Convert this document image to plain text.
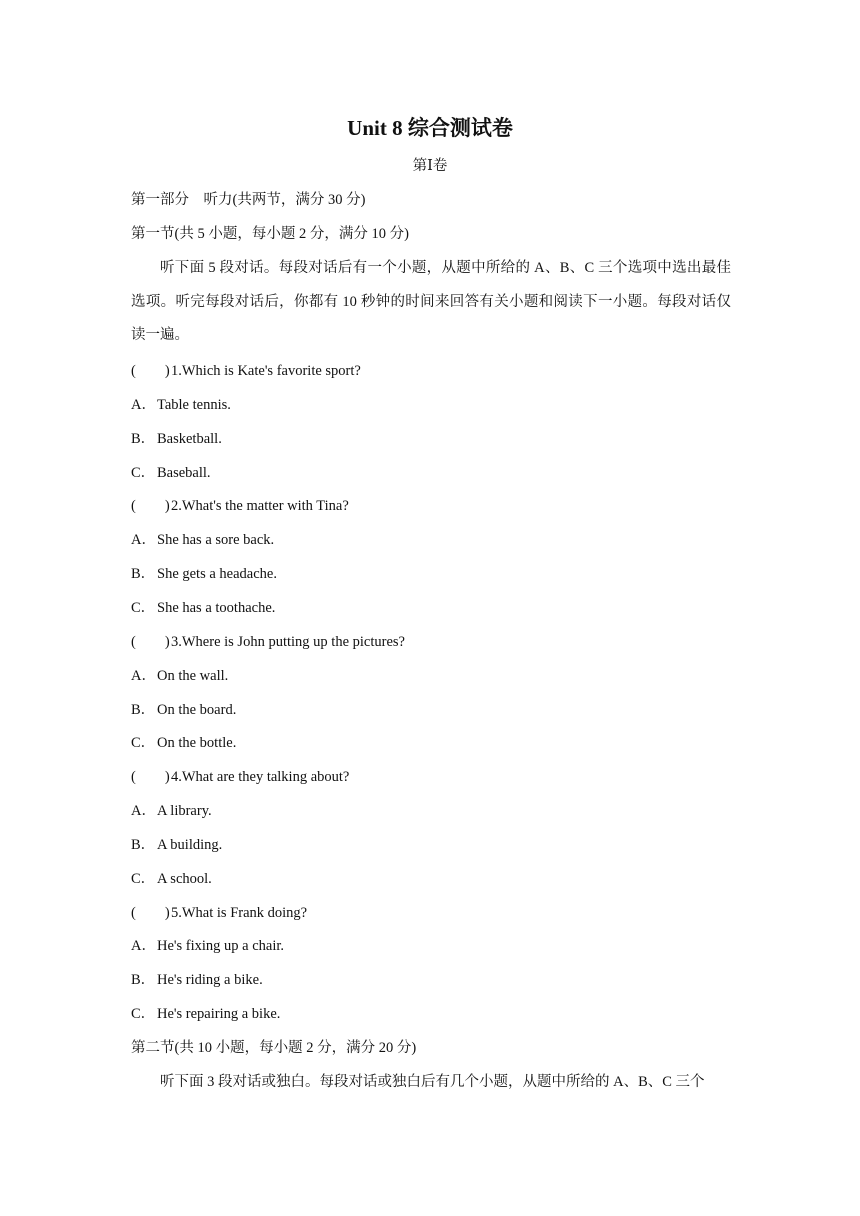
Unit 8 综合测试卷
第Ⅰ卷
第一部分　听力(共两节，满分 30 分)
第一节(共 5 小题，每小题 2 分，满分 10 分)
听下面 5 段对话。每段对话后有一个小题，从题中所给的 A、B、C 三个选项中选出最佳选项。听完每段对话后，你都有 10 秒钟的时间来回答有关小题和阅读下一小题。每段对话仅读一遍。
(　　)1.Which is Kate's favorite sport?
A．Table tennis.
B． Basketball.
C． Baseball.
(　　)2.What's the matter with Tina?
A．She has a sore back.
B． She gets a headache.
C． She has a toothache.
(　　)3.Where is John putting up the pictures?
A．On the wall.
B． On the board.
C． On the bottle.
(　　)4.What are they talking about?
A．A library.
B． A building.
C． A school.
(　　)5.What is Frank doing?
A．He's fixing up a chair.
B． He's riding a bike.
C． He's repairing a bike.
第二节(共 10 小题，每小题 2 分，满分 20 分)
听下面 3 段对话或独白。每段对话或独白后有几个小题，从题中所给的 A、B、C 三个
